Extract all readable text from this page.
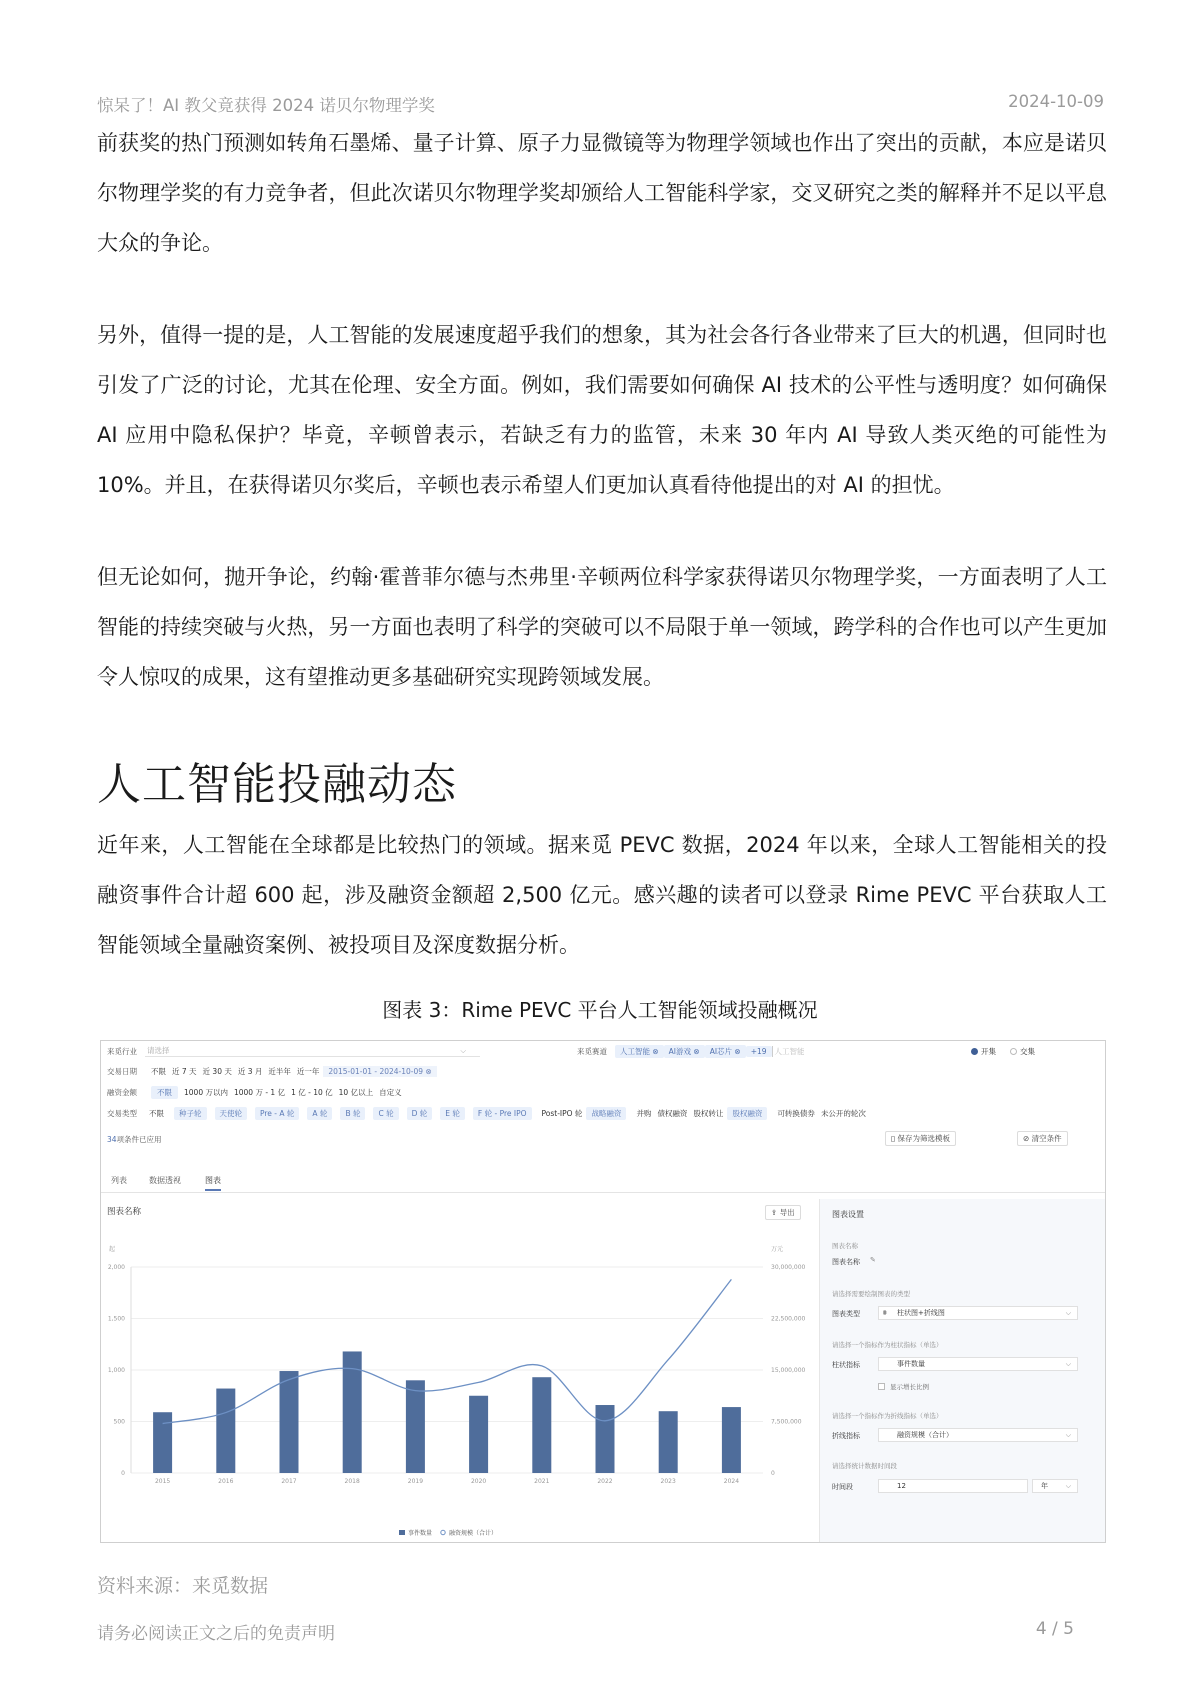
惊呆了！AI 教父竟获得 2024 诺贝尔物理学奖	2024-10-09

前获奖的热门预测如转角石墨烯、量子计算、原子力显微镜等为物理学领域也作出了突出的贡献，本应是诺贝尔物理学奖的有力竞争者，但此次诺贝尔物理学奖却颁给人工智能科学家，交叉研究之类的解释并不足以平息大众的争论。

另外，值得一提的是，人工智能的发展速度超乎我们的想象，其为社会各行各业带来了巨大的机遇，但同时也引发了广泛的讨论，尤其在伦理、安全方面。例如，我们需要如何确保 AI 技术的公平性与透明度？如何确保 AI 应用中隐私保护？毕竟，辛顿曾表示，若缺乏有力的监管，未来 30 年内 AI 导致人类灭绝的可能性为 10%。并且，在获得诺贝尔奖后，辛顿也表示希望人们更加认真看待他提出的对 AI 的担忧。

但无论如何，抛开争论，约翰·霍普菲尔德与杰弗里·辛顿两位科学家获得诺贝尔物理学奖，一方面表明了人工智能的持续突破与火热，另一方面也表明了科学的突破可以不局限于单一领域，跨学科的合作也可以产生更加令人惊叹的成果，这有望推动更多基础研究实现跨领域发展。

人工智能投融动态

近年来，人工智能在全球都是比较热门的领域。据来觅 PEVC 数据，2024 年以来，全球人工智能相关的投融资事件合计超 600 起，涉及融资金额超 2,500 亿元。感兴趣的读者可以登录 Rime PEVC 平台获取人工智能领域全量融资案例、被投项目及深度数据分析。

图表 3：Rime PEVC 平台人工智能领域投融概况
来觅行业	请选择	⌵	来觅赛道	人工智能 ⊗	AI游戏 ⊗	AI芯片 ⊗	+19	人工智能	开集	交集
交易日期	不限 近 7 天 近 30 天 近 3 月 近半年 近一年	2015-01-01 - 2024-10-09 ⊗
融资金额	不限	1000 万以内 1000 万 - 1 亿 1 亿 - 10 亿 10 亿以上 自定义
交易类型	不限	种子轮	天使轮	Pre - A 轮	A 轮	B 轮	C 轮	D 轮	E 轮	F 轮 - Pre IPO	Post-IPO 轮	战略融资	并购 债权融资 股权转让	股权融资	可转换债券 未公开的轮次
34 项条件已应用	▯ 保存为筛选模板	⊘ 清空条件
列表	数据透视	图表
图表名称	⇪ 导出
起	万元
0
500
1,000
1,500
2,000
0
7,500,000
15,000,000
22,500,000
30,000,000
2015	2016	2017	2018	2019	2020	2021	2022	2023	2024
事件数量	融资规模（合计）
图表设置
图表名称
图表名称 ✎
请选择需要绘制图表的类型
图表类型	⩩ 柱状图+折线图	⌵
请选择一个指标作为柱状指标（单选）
柱状指标	事件数量	⌵
显示增长比例
请选择一个指标作为折线指标（单选）
折线指标	融资规模（合计）	⌵
请选择统计数据时间段
时间段	12	年	⌵
资料来源：来觅数据
请务必阅读正文之后的免责声明	4 / 5
